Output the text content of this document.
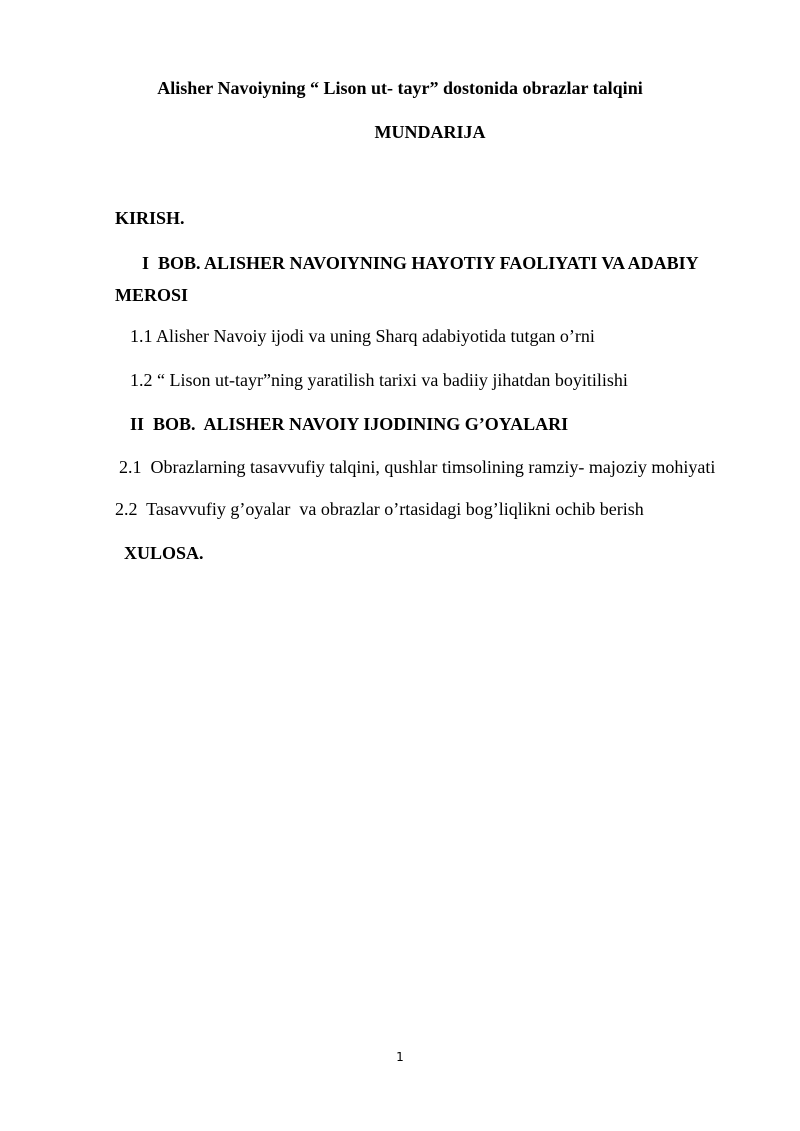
Alisher Navoiyning “ Lison ut- tayr” dostonida obrazlar talqini

MUNDARIJA

KIRISH.

I  BOB. ALISHER NAVOIYNING HAYOTIY FAOLIYATI VA ADABIY

MEROSI

1.1 Alisher Navoiy ijodi va uning Sharq adabiyotida tutgan o’rni

1.2 “ Lison ut-tayr”ning yaratilish tarixi va badiiy jihatdan boyitilishi

II  BOB.  ALISHER NAVOIY IJODINING G’OYALARI

2.1  Obrazlarning tasavvufiy talqini, qushlar timsolining ramziy- majoziy mohiyati

2.2  Tasavvufiy g’oyalar  va obrazlar o’rtasidagi bog’liqlikni ochib berish

XULOSA.

1
